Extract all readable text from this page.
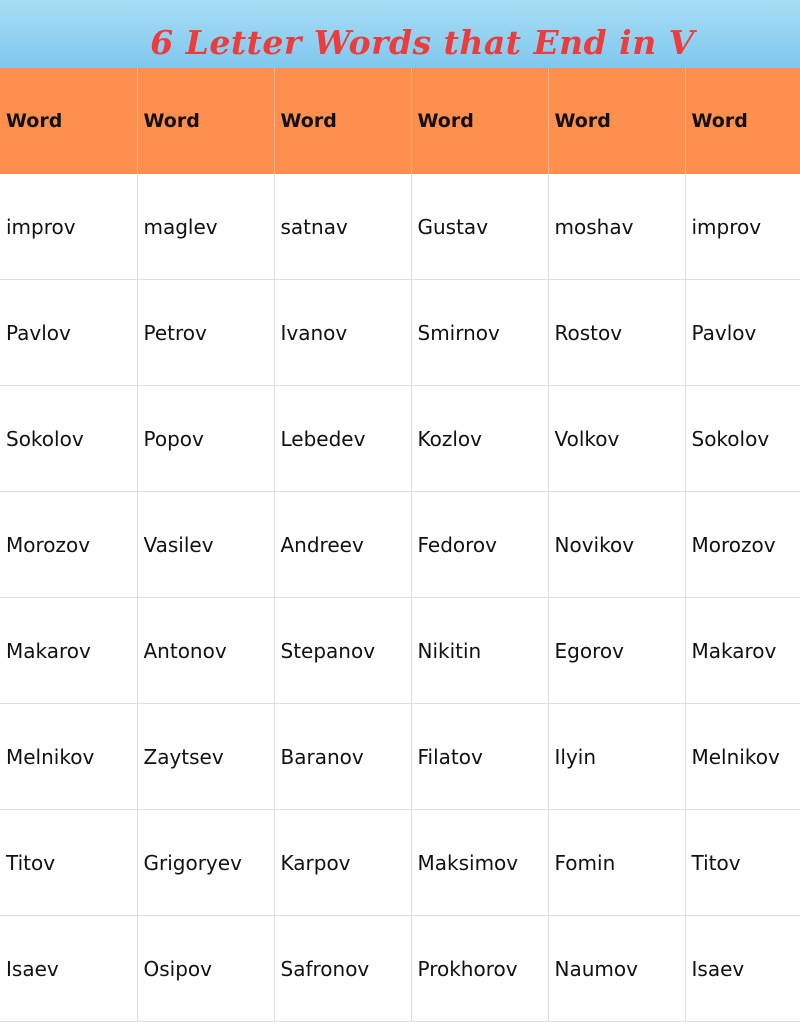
6 Letter Words that End in V
Word	Word	Word	Word	Word	Word
improv	maglev	satnav	Gustav	moshav	improv
Pavlov	Petrov	Ivanov	Smirnov	Rostov	Pavlov
Sokolov	Popov	Lebedev	Kozlov	Volkov	Sokolov
Morozov	Vasilev	Andreev	Fedorov	Novikov	Morozov
Makarov	Antonov	Stepanov	Nikitin	Egorov	Makarov
Melnikov	Zaytsev	Baranov	Filatov	Ilyin	Melnikov
Titov	Grigoryev	Karpov	Maksimov	Fomin	Titov
Isaev	Osipov	Safronov	Prokhorov	Naumov	Isaev
